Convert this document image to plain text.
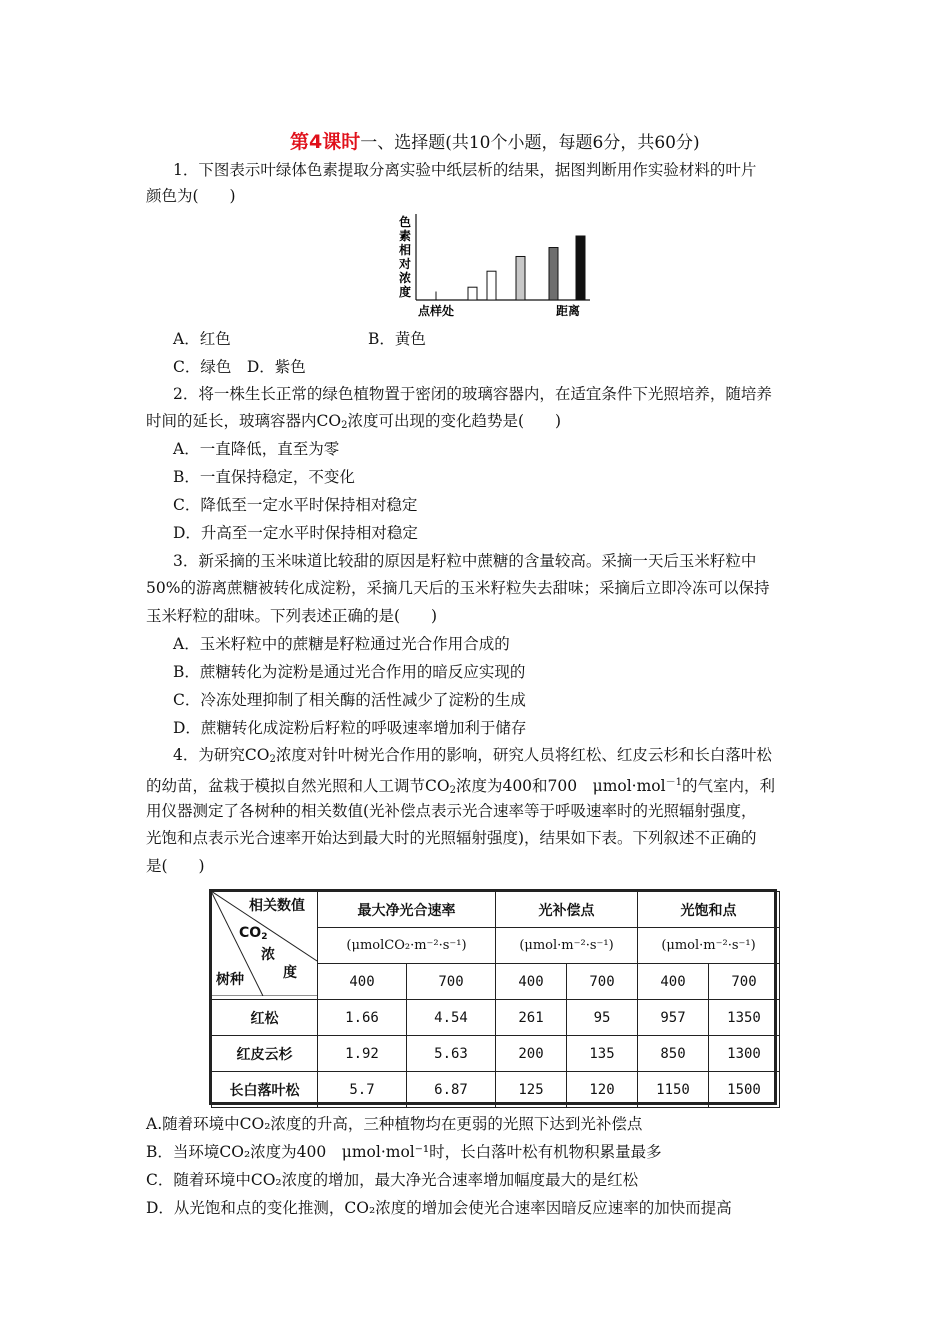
第4课时一、选择题(共10个小题，每题6分，共60分)
1．下图表示叶绿体色素提取分离实验中纸层析的结果，据图判断用作实验材料的叶片
颜色为(　　)
色素相对浓度
点样处	距离
A．红色	B．黄色
C．绿色　D．紫色
2．将一株生长正常的绿色植物置于密闭的玻璃容器内，在适宜条件下光照培养，随培养
时间的延长，玻璃容器内$CO_2$浓度可出现的变化趋势是(　　)
A．一直降低，直至为零
B．一直保持稳定，不变化
C．降低至一定水平时保持相对稳定
D．升高至一定水平时保持相对稳定
3．新采摘的玉米味道比较甜的原因是籽粒中蔗糖的含量较高。采摘一天后玉米籽粒中
50%的游离蔗糖被转化成淀粉，采摘几天后的玉米籽粒失去甜味；采摘后立即冷冻可以保持
玉米籽粒的甜味。下列表述正确的是(　　)
A．玉米籽粒中的蔗糖是籽粒通过光合作用合成的
B．蔗糖转化为淀粉是通过光合作用的暗反应实现的
C．冷冻处理抑制了相关酶的活性减少了淀粉的生成
D．蔗糖转化成淀粉后籽粒的呼吸速率增加利于储存
4．为研究$CO_2$浓度对针叶树光合作用的影响，研究人员将红松、红皮云杉和长白落叶松
的幼苗，盆栽于模拟自然光照和人工调节$CO_2$浓度为400和700　μmol·mol$^{-1}$的气室内，利
用仪器测定了各树种的相关数值(光补偿点表示光合速率等于呼吸速率时的光照辐射强度，
光饱和点表示光合速率开始达到最大时的光照辐射强度)，结果如下表。下列叙述不正确的
是(　　)
	最大净光合速率		光补偿点		光饱和点	
	(μmolCO₂·m⁻²·s⁻¹)		(μmol·m⁻²·s⁻¹)		(μmol·m⁻²·s⁻¹)	
	400	700	400	700	400	700
红松	1.66	4.54	261	95	957	1350
红皮云杉	1.92	5.63	200	135	850	1300
长白落叶松	5.7	6.87	125	120	1150	1500
相关数值
$CO_2$
浓
度
树种
A.随着环境中CO₂浓度的升高，三种植物均在更弱的光照下达到光补偿点
B．当环境CO₂浓度为400　μmol·mol⁻¹时，长白落叶松有机物积累量最多
C．随着环境中CO₂浓度的增加，最大净光合速率增加幅度最大的是红松
D．从光饱和点的变化推测，CO₂浓度的增加会使光合速率因暗反应速率的加快而提高
